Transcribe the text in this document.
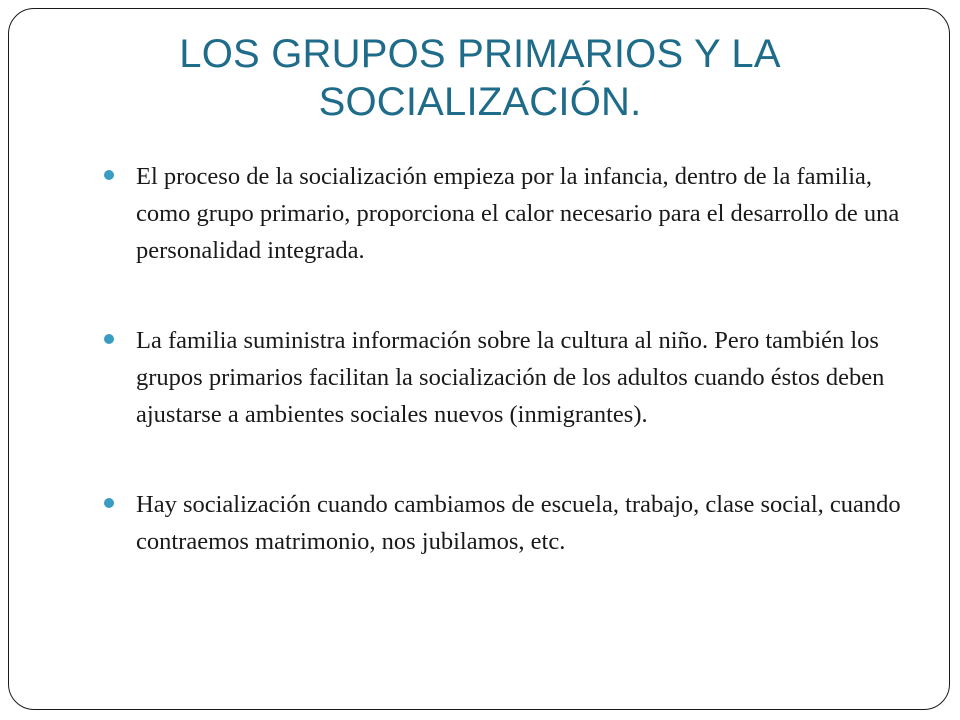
LOS GRUPOS PRIMARIOS Y LA SOCIALIZACIÓN.
El proceso de la socialización empieza por la infancia, dentro de la familia, como grupo primario, proporciona el calor necesario para el desarrollo de una personalidad integrada.
La familia suministra información sobre la cultura al niño. Pero también los grupos primarios facilitan la socialización de los adultos cuando éstos deben ajustarse a ambientes sociales nuevos (inmigrantes).
Hay socialización cuando cambiamos de escuela, trabajo, clase social, cuando contraemos matrimonio, nos jubilamos, etc.
